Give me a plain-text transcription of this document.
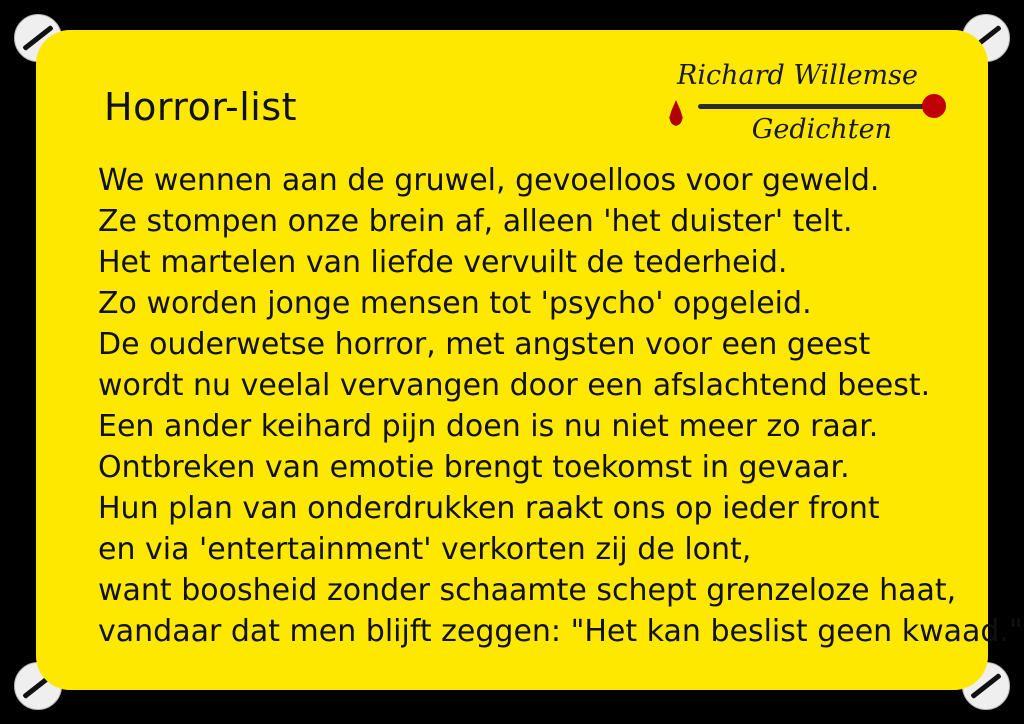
Horror-list
Richard Willemse
Gedichten
We wennen aan de gruwel, gevoelloos voor geweld.
Ze stompen onze brein af, alleen 'het duister' telt.
Het martelen van liefde vervuilt de tederheid.
Zo worden jonge mensen tot 'psycho' opgeleid.
De ouderwetse horror, met angsten voor een geest
wordt nu veelal vervangen door een afslachtend beest.
Een ander keihard pijn doen is nu niet meer zo raar.
Ontbreken van emotie brengt toekomst in gevaar.
Hun plan van onderdrukken raakt ons op ieder front
en via 'entertainment' verkorten zij de lont,
want boosheid zonder schaamte schept grenzeloze haat,
vandaar dat men blijft zeggen: "Het kan beslist geen kwaad."
